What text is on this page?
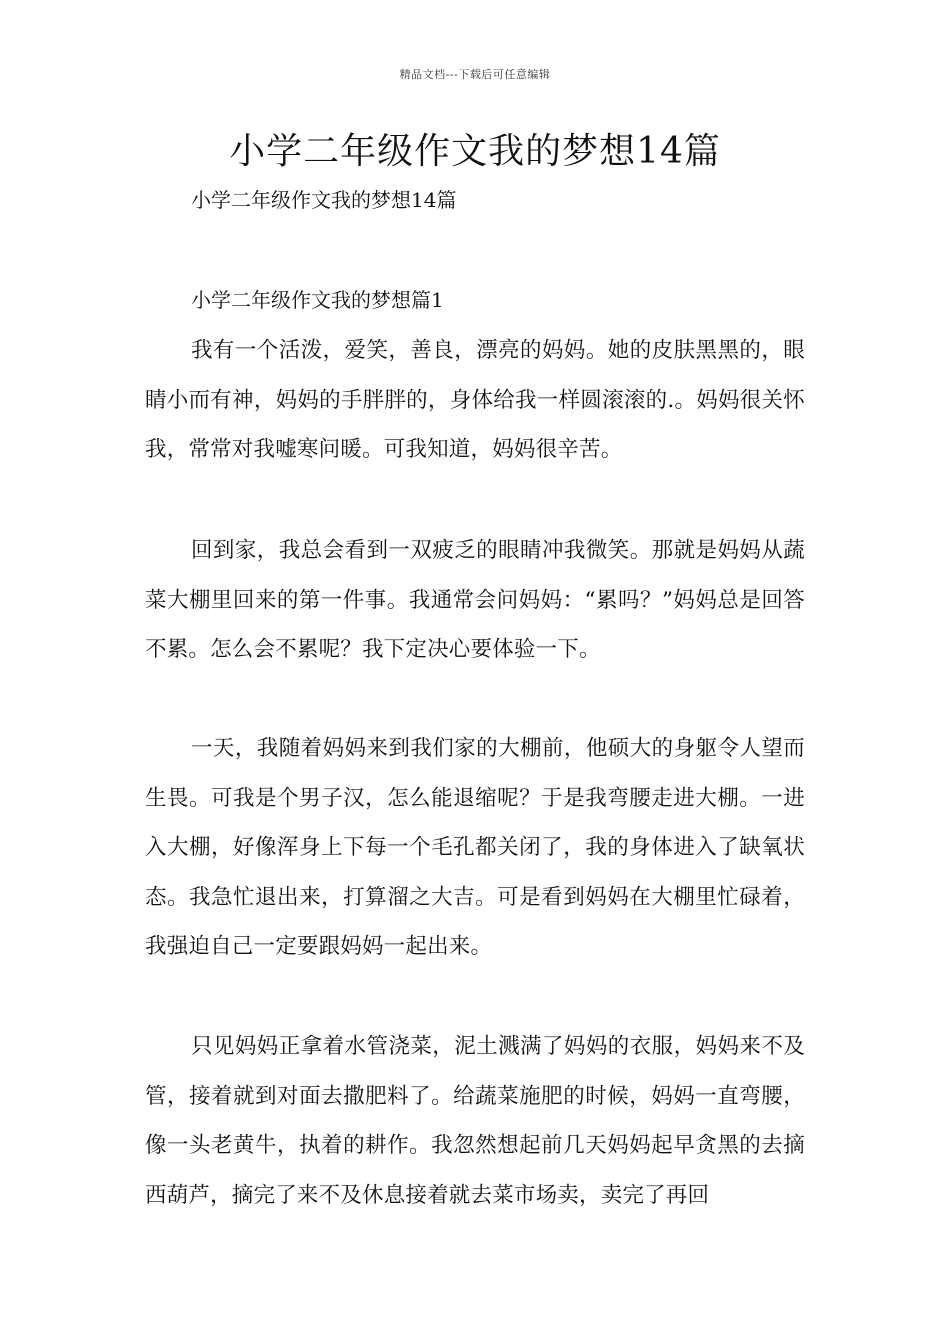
精品文档---下载后可任意编辑
小学二年级作文我的梦想14篇
小学二年级作文我的梦想14篇
小学二年级作文我的梦想篇1

我有一个活泼，爱笑，善良，漂亮的妈妈。她的皮肤黑黑的，眼睛小而有神，妈妈的手胖胖的，身体给我一样圆滚滚的.。妈妈很关怀我，常常对我嘘寒问暖。可我知道，妈妈很辛苦。

回到家，我总会看到一双疲乏的眼睛冲我微笑。那就是妈妈从蔬菜大棚里回来的第一件事。我通常会问妈妈：“累吗？”妈妈总是回答不累。怎么会不累呢？我下定决心要体验一下。

一天，我随着妈妈来到我们家的大棚前，他硕大的身躯令人望而生畏。可我是个男子汉，怎么能退缩呢？于是我弯腰走进大棚。一进入大棚，好像浑身上下每一个毛孔都关闭了，我的身体进入了缺氧状态。我急忙退出来，打算溜之大吉。可是看到妈妈在大棚里忙碌着，我强迫自己一定要跟妈妈一起出来。

只见妈妈正拿着水管浇菜，泥土溅满了妈妈的衣服，妈妈来不及管，接着就到对面去撒肥料了。给蔬菜施肥的时候，妈妈一直弯腰，像一头老黄牛，执着的耕作。我忽然想起前几天妈妈起早贪黑的去摘西葫芦，摘完了来不及休息接着就去菜市场卖，卖完了再回
